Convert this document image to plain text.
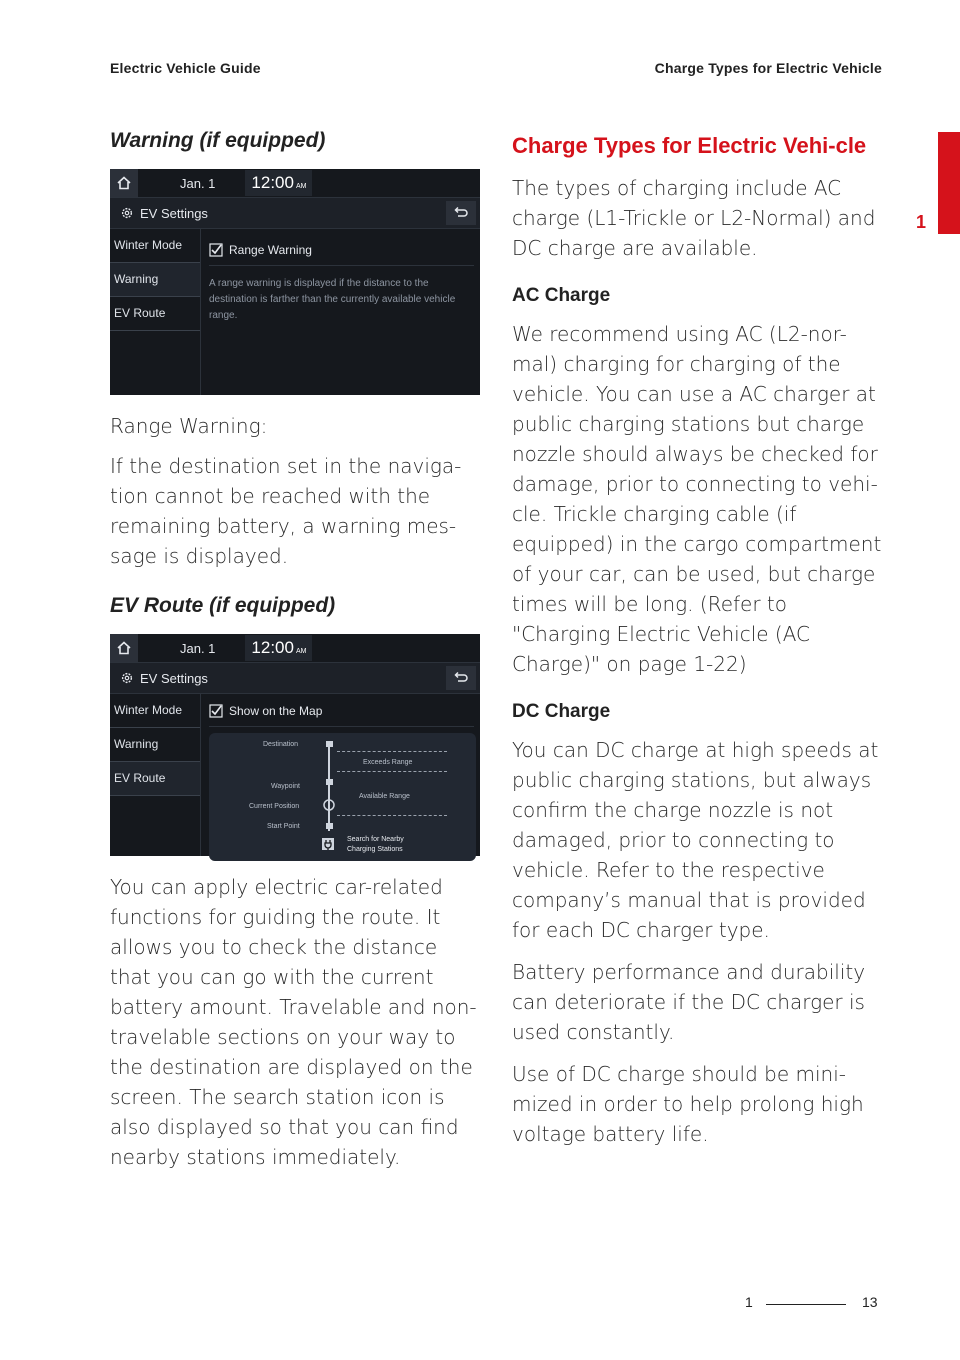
Electric Vehicle Guide	Charge Types for Electric Vehicle
1
Warning (if equipped)
Jan. 1	12:00 AM
EV Settings
Winter Mode
Warning
EV Route
Range Warning
A range warning is displayed if the distance to the destination is farther than the currently available vehicle range.

Range Warning:

If the destination set in the naviga-tion cannot be reached with the remaining battery, a warning mes-sage is displayed.

EV Route (if equipped)
Jan. 1	12:00 AM
EV Settings
Winter Mode
Warning
EV Route
Show on the Map
Destination
Waypoint
Current Position
Start Point
Exceeds Range
Available Range
Search for Nearby
Charging Stations

You can apply electric car-related functions for guiding the route. It allows you to check the distance that you can go with the current battery amount. Travelable and non-travelable sections on your way to the destination are displayed on the screen. The search station icon is also displayed so that you can find nearby stations immediately.

Charge Types for Electric Vehi-cle

The types of charging include AC charge (L1-Trickle or L2-Normal) and DC charge are available.

AC Charge

We recommend using AC (L2-nor-mal) charging for charging of the vehicle. You can use a AC charger at public charging stations but charge nozzle should always be checked for damage, prior to connecting to vehi-cle. Trickle charging cable (if equipped) in the cargo compartment of your car, can be used, but charge times will be long. (Refer to "Charging Electric Vehicle (AC Charge)" on page 1-22)

DC Charge

You can DC charge at high speeds at public charging stations, but always confirm the charge nozzle is not damaged, prior to connecting to vehicle. Refer to the respective company’s manual that is provided for each DC charger type.

Battery performance and durability can deteriorate if the DC charger is used constantly.

Use of DC charge should be mini-mized in order to help prolong high voltage battery life.

1	13
